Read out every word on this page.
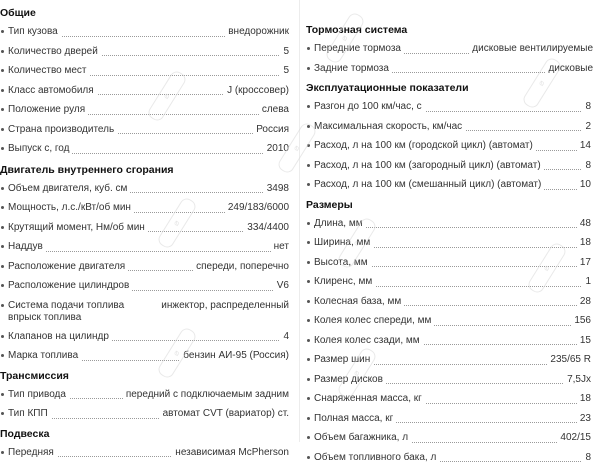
Общие
Тип кузова	внедорожник
Количество дверей	5
Количество мест	5
Класс автомобиля	J (кроссовер)
Положение руля	слева
Страна производитель	Россия
Выпуск с, год	2010
Двигатель внутреннего сгорания
Объем двигателя, куб. см	3498
Мощность, л.с./кВт/об мин	249/183/6000
Крутящий момент, Нм/об мин	334/4400
Наддув	нет
Расположение двигателя	спереди, поперечно
Расположение цилиндров	V6
Система подачи топлива	инжектор, распределенный
впрыск топлива
Клапанов на цилиндр	4
Марка топлива	бензин АИ-95 (Россия)
Трансмиссия
Тип привода	передний с подключаемым задним
Тип КПП	автомат CVT (вариатор) ст.
Подвеска
Передняя	независимая McPherson
Тормозная система
Передние тормоза	дисковые вентилируемые
Задние тормоза	дисковые
Эксплуатационные показатели
Разгон до 100 км/час, с	8
Максимальная скорость, км/час	2
Расход, л на 100 км (городской цикл) (автомат)	14
Расход, л на 100 км (загородный цикл) (автомат)	8
Расход, л на 100 км (смешанный цикл) (автомат)	10
Размеры
Длина, мм	48
Ширина, мм	18
Высота, мм	17
Клиренс, мм	1
Колесная база, мм	28
Колея колес спереди, мм	156
Колея колес сзади, мм	15
Размер шин	235/65 R
Размер дисков	7,5Jx
Снаряженная масса, кг	18
Полная масса, кг	23
Объем багажника, л	402/15
Объем топливного бака, л	8
⌀
⌀
⌀
⌀
⌀
⌀
⌀
⌀
⌀
